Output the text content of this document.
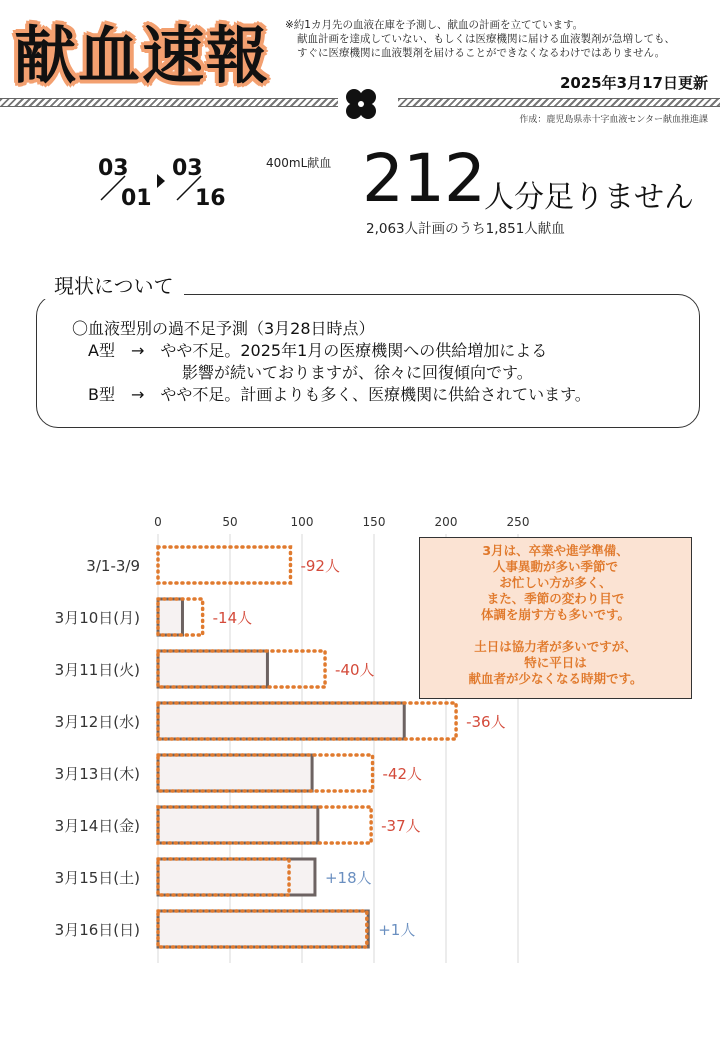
献血速報 ※約1カ月先の血液在庫を予測し、献血の計画を立てています。
献血計画を達成していない、もしくは医療機関に届ける血液製剤が急増しても、
すぐに医療機関に血液製剤を届けることができなくなるわけではありません。
2025年3月17日更新
作成：鹿児島県赤十字血液センター献血推進課
03
01
03
16
400mL献血 212 人分足りません
2,063人計画のうち1,851人献血
現状について
〇血液型別の過不足予測（3月28日時点）
A型　→　やや不足。2025年1月の医療機関への供給増加による
影響が続いておりますが、徐々に回復傾向です。
B型　→　やや不足。計画よりも多く、医療機関に供給されています。
0	50	100	150	200	250
3/1-3/9	-92人
3月10日(月)	-14人
3月11日(火)	-40人
3月12日(水)	-36人
3月13日(木)	-42人
3月14日(金)	-37人
3月15日(土)	+18人
3月16日(日)	+1人
3月は、卒業や進学準備、
人事異動が多い季節で
お忙しい方が多く、
また、季節の変わり目で
体調を崩す方も多いです。
土日は協力者が多いですが、
特に平日は
献血者が少なくなる時期です。
